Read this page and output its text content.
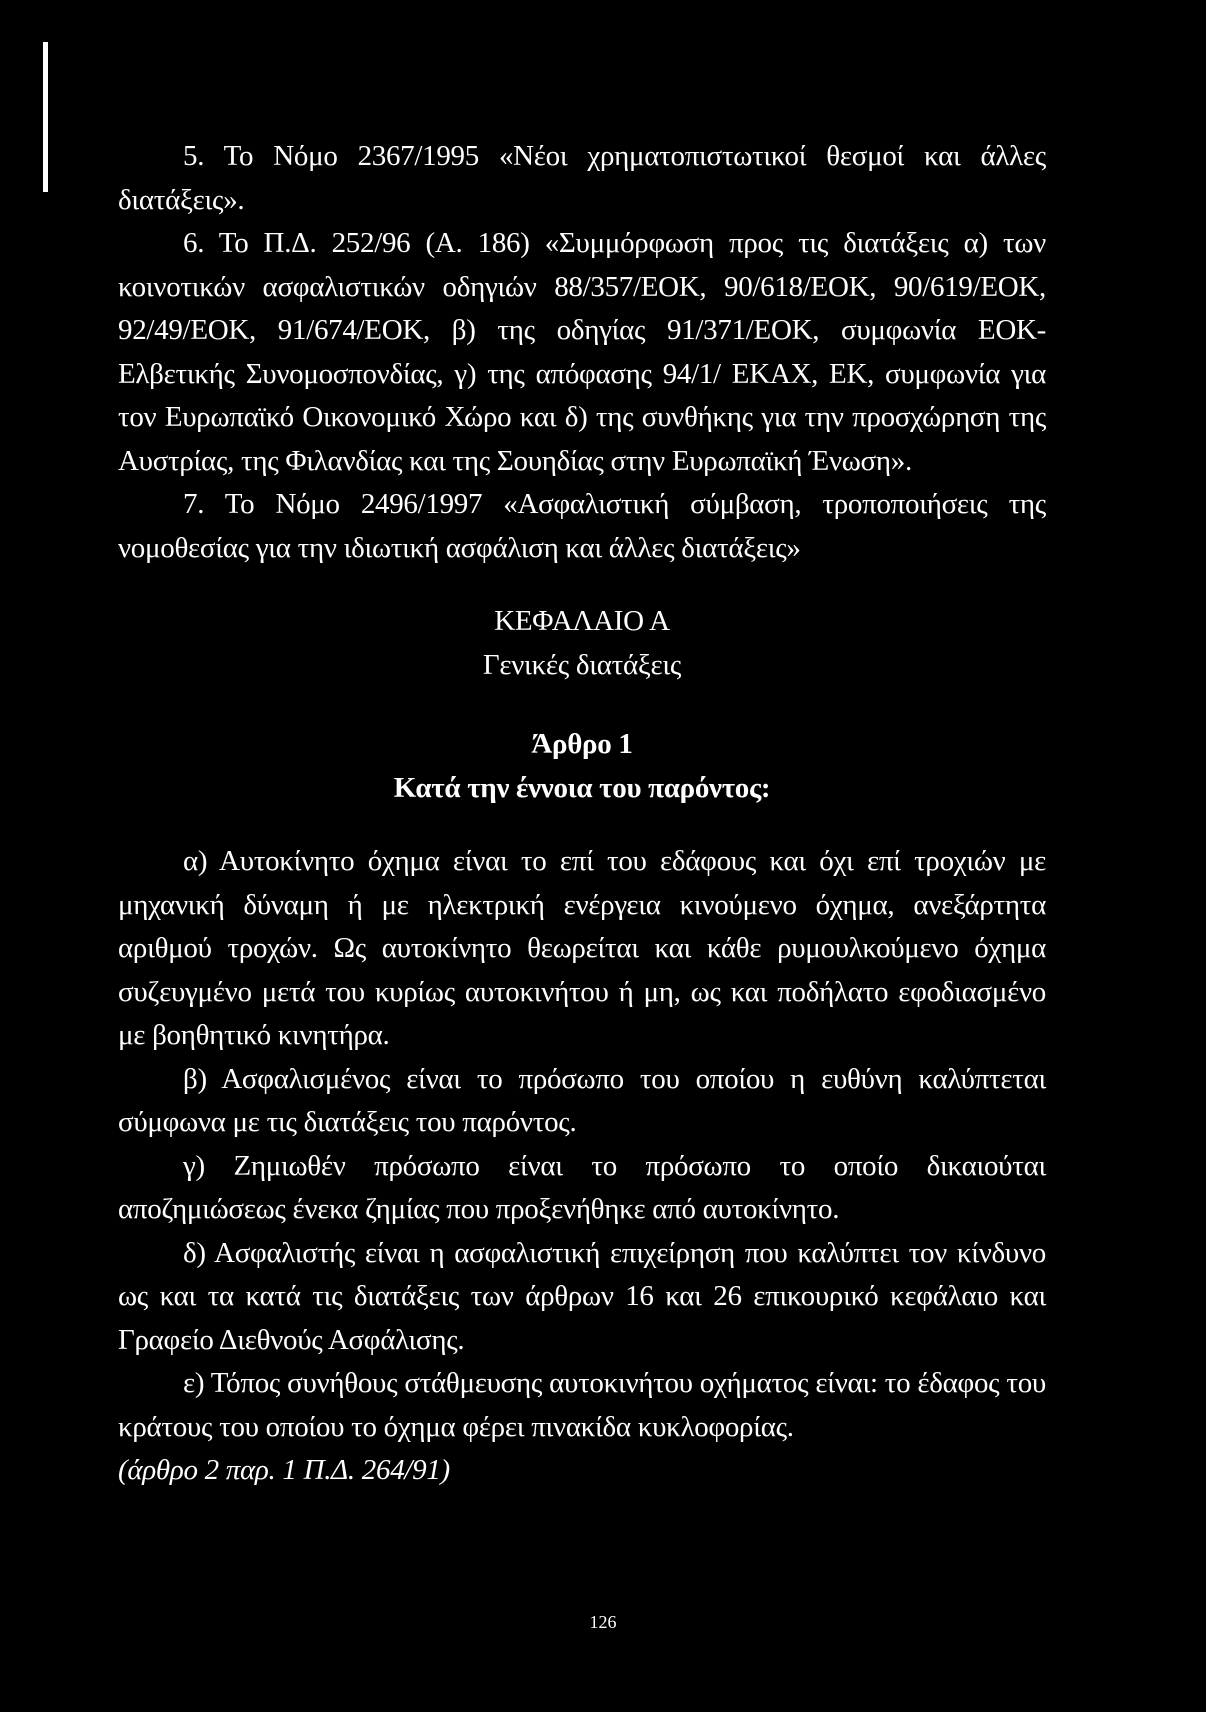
5. Το Νόμο 2367/1995 «Νέοι χρηματοπιστωτικοί θεσμοί και άλλες διατάξεις».

6. Το Π.Δ. 252/96 (Α. 186) «Συμμόρφωση προς τις διατάξεις α) των κοινοτικών ασφαλιστικών οδηγιών 88/357/ΕΟΚ, 90/618/ΕΟΚ, 90/619/ΕΟΚ, 92/49/ΕΟΚ, 91/674/ΕΟΚ, β) της οδηγίας 91/371/ΕΟΚ, συμφωνία ΕΟΚ-Ελβετικής Συνομοσπονδίας, γ) της απόφασης 94/1/ ΕΚΑΧ, ΕΚ, συμφωνία για τον Ευρωπαϊκό Οικονομικό Χώρο και δ) της συνθήκης για την προσχώρηση της Αυστρίας, της Φιλανδίας και της Σουηδίας στην Ευρωπαϊκή Ένωση».

7. Το Νόμο 2496/1997 «Ασφαλιστική σύμβαση, τροποποιήσεις της νομοθεσίας για την ιδιωτική ασφάλιση και άλλες διατάξεις»

ΚΕΦΑΛΑΙΟ Α

Γενικές διατάξεις

Άρθρο 1

Κατά την έννοια του παρόντος:

α) Αυτοκίνητο όχημα είναι το επί του εδάφους και όχι επί τροχιών με μηχανική δύναμη ή με ηλεκτρική ενέργεια κινούμενο όχημα, ανεξάρτητα αριθμού τροχών. Ως αυτοκίνητο θεωρείται και κάθε ρυμουλκούμενο όχημα συζευγμένο μετά του κυρίως αυτοκινήτου ή μη, ως και ποδήλατο εφοδιασμένο με βοηθητικό κινητήρα.

β) Ασφαλισμένος είναι το πρόσωπο του οποίου η ευθύνη καλύπτεται σύμφωνα με τις διατάξεις του παρόντος.

γ) Ζημιωθέν πρόσωπο είναι το πρόσωπο το οποίο δικαιούται αποζημιώσεως ένεκα ζημίας που προξενήθηκε από αυτοκίνητο.

δ) Ασφαλιστής είναι η ασφαλιστική επιχείρηση που καλύπτει τον κίνδυνο ως και τα κατά τις διατάξεις των άρθρων 16 και 26 επικουρικό κεφάλαιο και Γραφείο Διεθνούς Ασφάλισης.

ε) Τόπος συνήθους στάθμευσης αυτοκινήτου οχήματος είναι: το έδαφος του κράτους του οποίου το όχημα φέρει πινακίδα κυκλοφορίας.

(άρθρο 2 παρ. 1 Π.Δ. 264/91)

126
